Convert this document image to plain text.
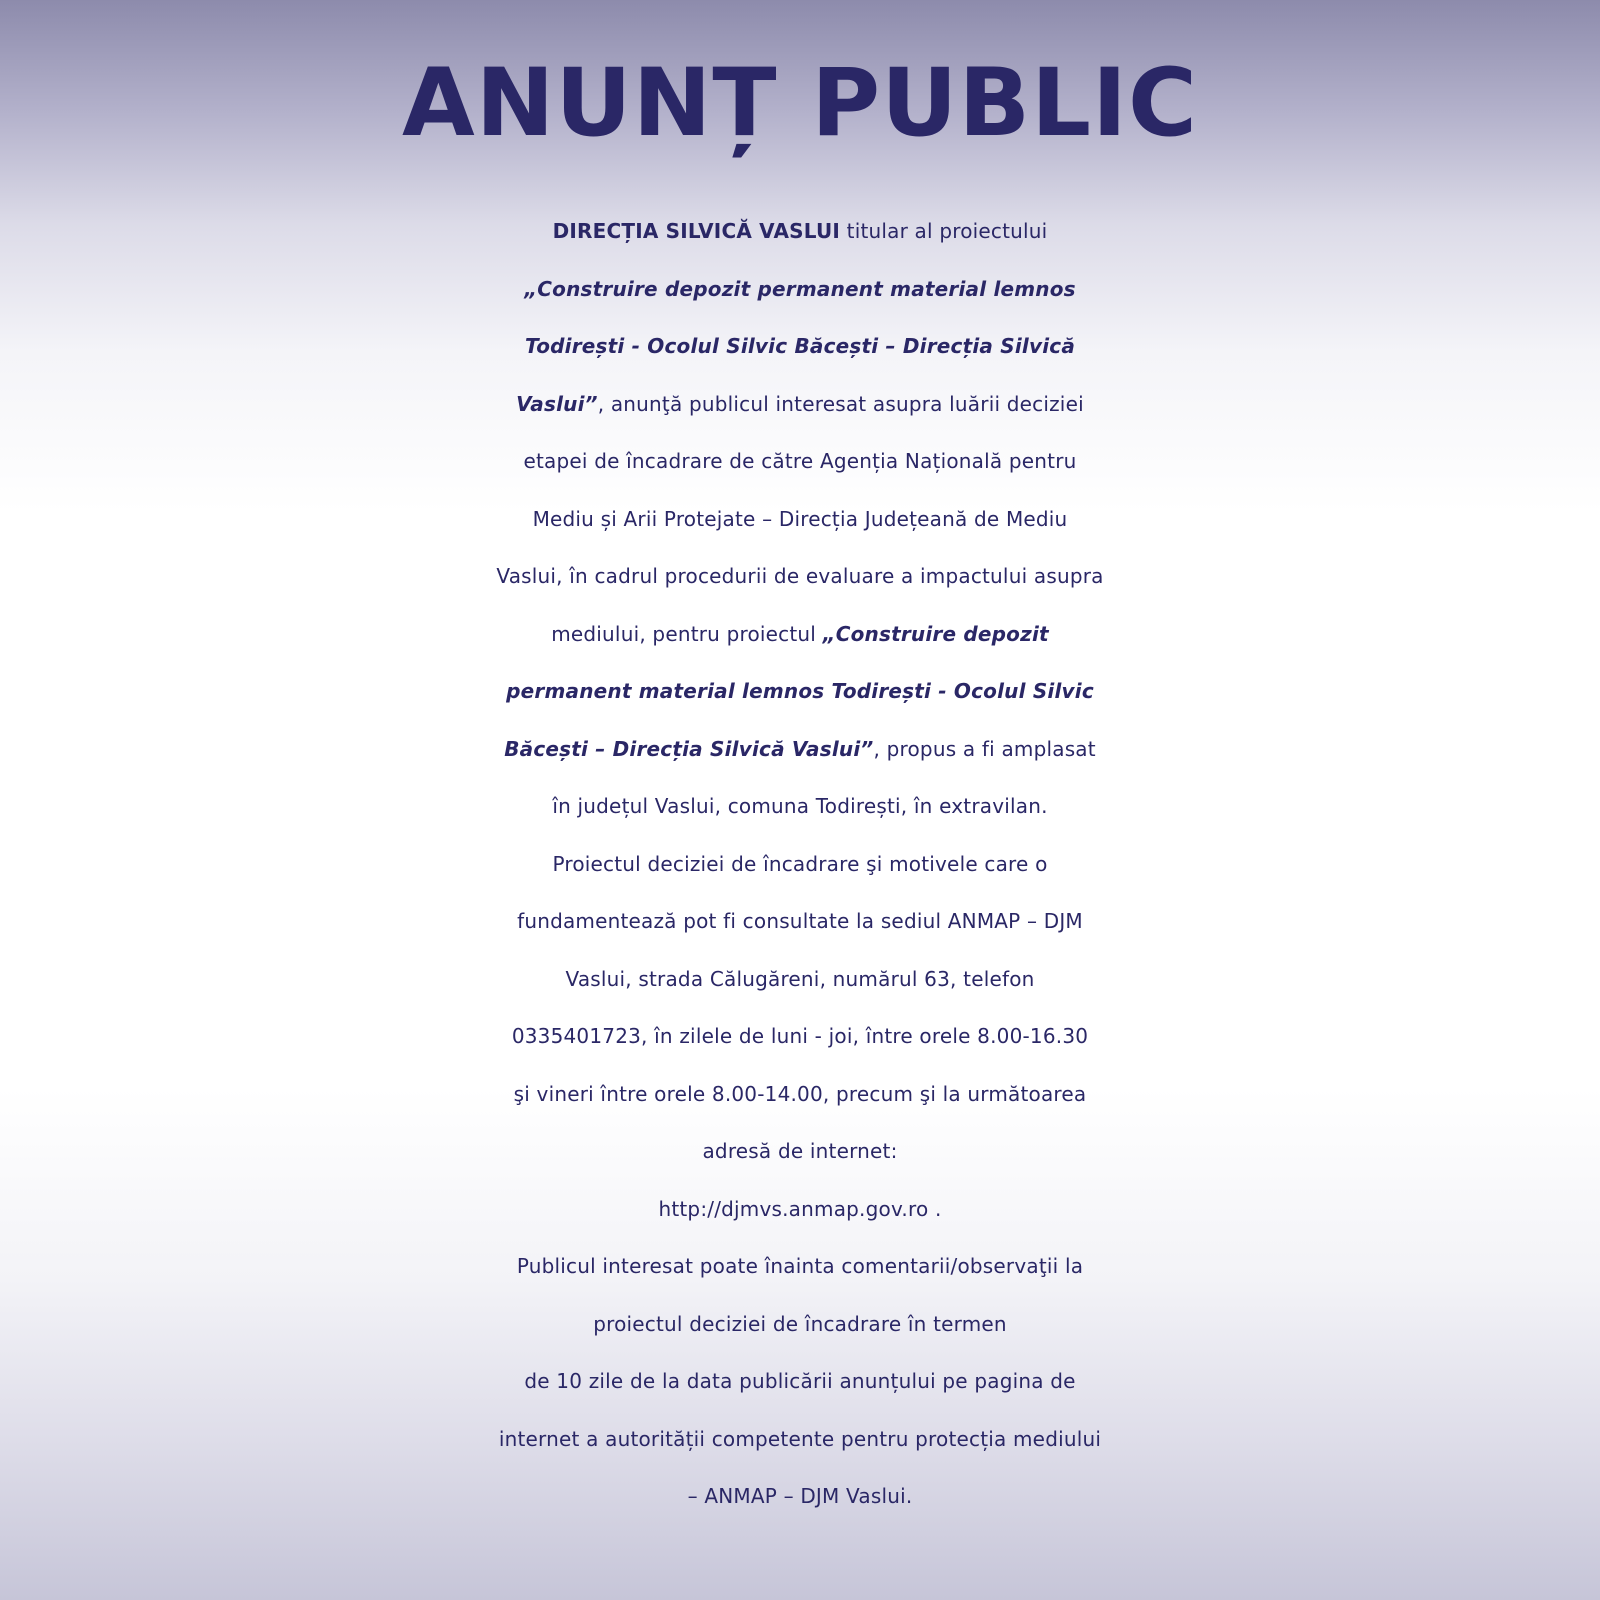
ANUNȚ PUBLIC
DIRECȚIA SILVICĂ VASLUI titular al proiectului
„Construire depozit permanent material lemnos
Todirești - Ocolul Silvic Băcești – Direcția Silvică
Vaslui”, anunţă publicul interesat asupra luării deciziei
etapei de încadrare de către Agenția Națională pentru
Mediu și Arii Protejate – Direcția Județeană de Mediu
Vaslui, în cadrul procedurii de evaluare a impactului asupra
mediului, pentru proiectul „Construire depozit
permanent material lemnos Todirești - Ocolul Silvic
Băcești – Direcția Silvică Vaslui”, propus a fi amplasat
în județul Vaslui, comuna Todirești, în extravilan.
Proiectul deciziei de încadrare şi motivele care o
fundamentează pot fi consultate la sediul ANMAP – DJM
Vaslui, strada Călugăreni, numărul 63, telefon
0335401723, în zilele de luni - joi, între orele 8.00-16.30
şi vineri între orele 8.00-14.00, precum şi la următoarea
adresă de internet:
http://djmvs.anmap.gov.ro .
Publicul interesat poate înainta comentarii/observaţii la
proiectul deciziei de încadrare în termen
de 10 zile de la data publicării anunțului pe pagina de
internet a autorității competente pentru protecția mediului
– ANMAP – DJM Vaslui.
